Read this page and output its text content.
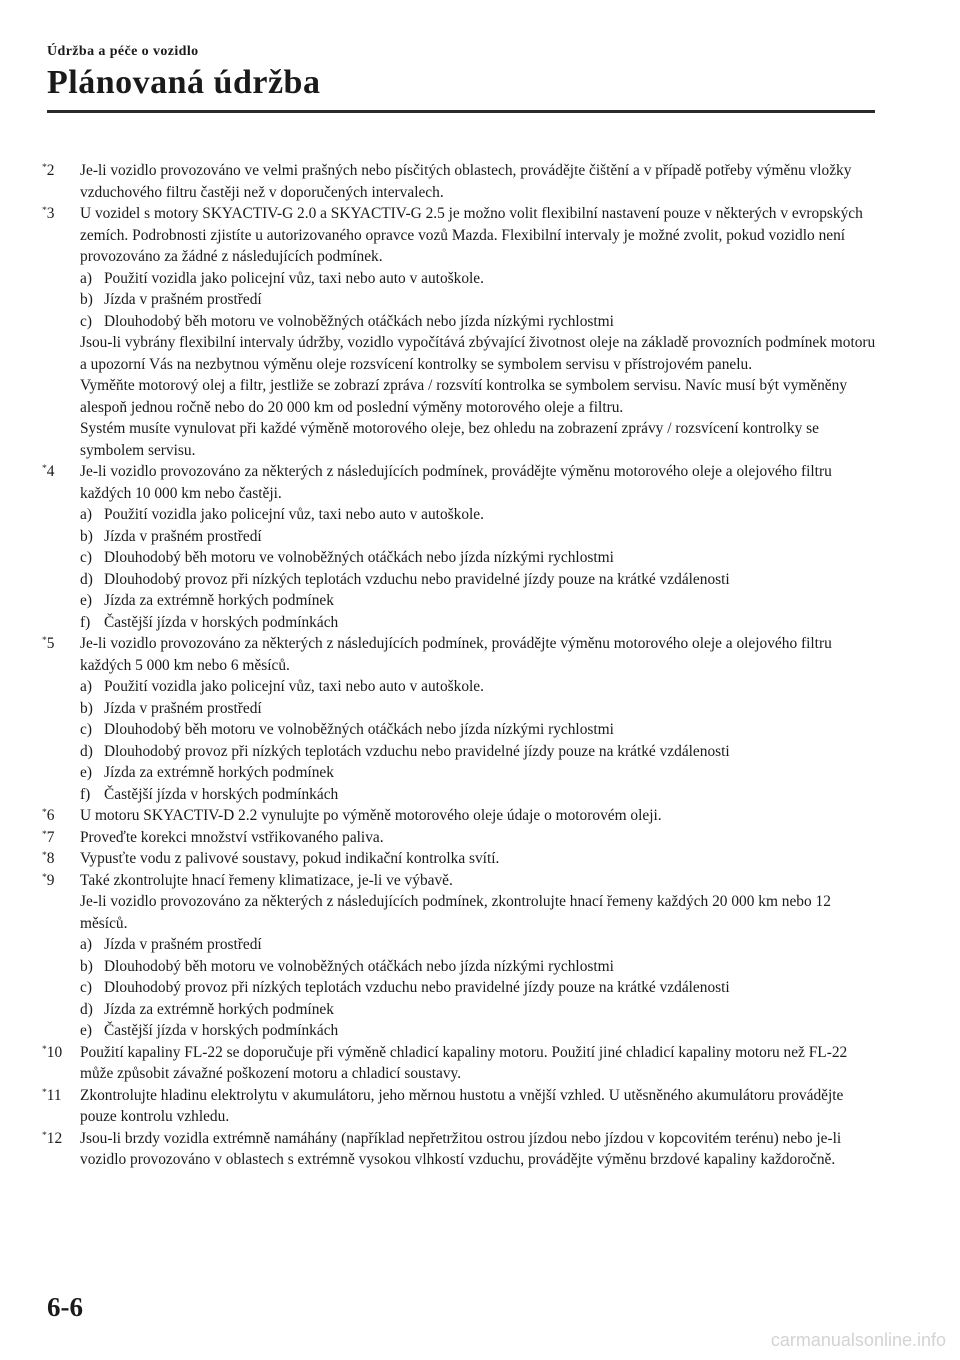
Údržba a péče o vozidlo
Plánovaná údržba
*2 Je-li vozidlo provozováno ve velmi prašných nebo písčitých oblastech, provádějte čištění a v případě potřeby výměnu vložky vzduchového filtru častěji než v doporučených intervalech.

*3 U vozidel s motory SKYACTIV-G 2.0 a SKYACTIV-G 2.5 je možno volit flexibilní nastavení pouze v některých v evropských zemích. Podrobnosti zjistíte u autorizovaného opravce vozů Mazda. Flexibilní intervaly je možné zvolit, pokud vozidlo není provozováno za žádné z následujících podmínek.

a) Použití vozidla jako policejní vůz, taxi nebo auto v autoškole.
b) Jízda v prašném prostředí
c) Dlouhodobý běh motoru ve volnoběžných otáčkách nebo jízda nízkými rychlostmi

Jsou-li vybrány flexibilní intervaly údržby, vozidlo vypočítává zbývající životnost oleje na základě provozních podmínek motoru a upozorní Vás na nezbytnou výměnu oleje rozsvícení kontrolky se symbolem servisu v přístrojovém panelu.

Vyměňte motorový olej a filtr, jestliže se zobrazí zpráva / rozsvítí kontrolka se symbolem servisu. Navíc musí být vyměněny alespoň jednou ročně nebo do 20 000 km od poslední výměny motorového oleje a filtru.

Systém musíte vynulovat při každé výměně motorového oleje, bez ohledu na zobrazení zprávy / rozsvícení kontrolky se symbolem servisu.

*4 Je-li vozidlo provozováno za některých z následujících podmínek, provádějte výměnu motorového oleje a olejového filtru každých 10 000 km nebo častěji.

a) Použití vozidla jako policejní vůz, taxi nebo auto v autoškole.
b) Jízda v prašném prostředí
c) Dlouhodobý běh motoru ve volnoběžných otáčkách nebo jízda nízkými rychlostmi
d) Dlouhodobý provoz při nízkých teplotách vzduchu nebo pravidelné jízdy pouze na krátké vzdálenosti
e) Jízda za extrémně horkých podmínek
f) Častější jízda v horských podmínkách
*5 Je-li vozidlo provozováno za některých z následujících podmínek, provádějte výměnu motorového oleje a olejového filtru každých 5 000 km nebo 6 měsíců.

a) Použití vozidla jako policejní vůz, taxi nebo auto v autoškole.
b) Jízda v prašném prostředí
c) Dlouhodobý běh motoru ve volnoběžných otáčkách nebo jízda nízkými rychlostmi
d) Dlouhodobý provoz při nízkých teplotách vzduchu nebo pravidelné jízdy pouze na krátké vzdálenosti
e) Jízda za extrémně horkých podmínek
f) Častější jízda v horských podmínkách
*6 U motoru SKYACTIV-D 2.2 vynulujte po výměně motorového oleje údaje o motorovém oleji.

*7 Proveďte korekci množství vstřikovaného paliva.

*8 Vypusťte vodu z palivové soustavy, pokud indikační kontrolka svítí.

*9 Také zkontrolujte hnací řemeny klimatizace, je-li ve výbavě.

Je-li vozidlo provozováno za některých z následujících podmínek, zkontrolujte hnací řemeny každých 20 000 km nebo 12 měsíců.

a) Jízda v prašném prostředí
b) Dlouhodobý běh motoru ve volnoběžných otáčkách nebo jízda nízkými rychlostmi
c) Dlouhodobý provoz při nízkých teplotách vzduchu nebo pravidelné jízdy pouze na krátké vzdálenosti
d) Jízda za extrémně horkých podmínek
e) Častější jízda v horských podmínkách
*10 Použití kapaliny FL-22 se doporučuje při výměně chladicí kapaliny motoru. Použití jiné chladicí kapaliny motoru než FL-22 může způsobit závažné poškození motoru a chladicí soustavy.

*11 Zkontrolujte hladinu elektrolytu v akumulátoru, jeho měrnou hustotu a vnější vzhled. U utěsněného akumulátoru provádějte pouze kontrolu vzhledu.

*12 Jsou-li brzdy vozidla extrémně namáhány (například nepřetržitou ostrou jízdou nebo jízdou v kopcovitém terénu) nebo je-li vozidlo provozováno v oblastech s extrémně vysokou vlhkostí vzduchu, provádějte výměnu brzdové kapaliny každoročně.

6-6
carmanualsonline.info
